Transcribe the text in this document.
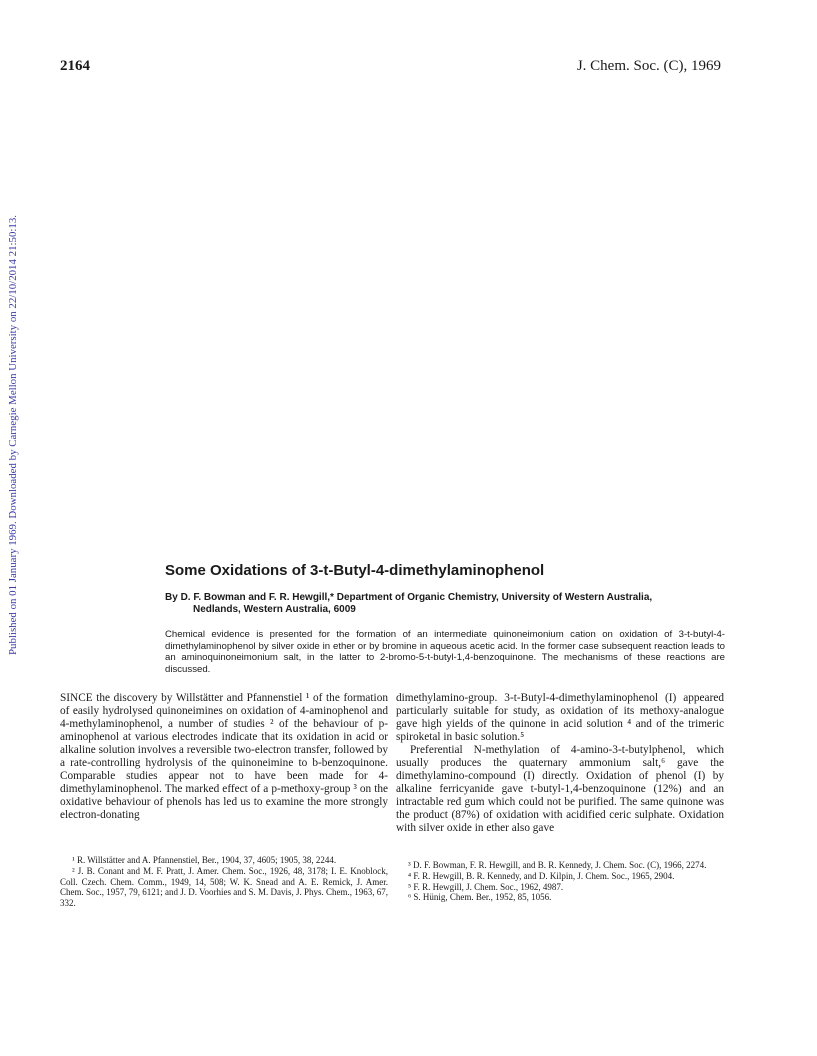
2164	J. Chem. Soc. (C), 1969
Published on 01 January 1969. Downloaded by Carnegie Mellon University on 22/10/2014 21:50:13.	Some Oxidations of 3-t-Butyl-4-dimethylaminophenol
By D. F. Bowman and F. R. Hewgill,* Department of Organic Chemistry, University of Western Australia,
Nedlands, Western Australia, 6009
Chemical evidence is presented for the formation of an intermediate quinoneimonium cation on oxidation of 3-t-butyl-4-dimethylaminophenol by silver oxide in ether or by bromine in aqueous acetic acid. In the former case subsequent reaction leads to an aminoquinoneimonium salt, in the latter to 2-bromo-5-t-butyl-1,4-benzoquinone. The mechanisms of these reactions are discussed.

SINCE the discovery by Willstätter and Pfannenstiel ¹ of the formation of easily hydrolysed quinoneimines on oxidation of 4-aminophenol and 4-methylaminophenol, a number of studies ² of the behaviour of p-aminophenol at various electrodes indicate that its oxidation in acid or alkaline solution involves a reversible two-electron transfer, followed by a rate-controlling hydrolysis of the quinoneimine to b-benzoquinone. Comparable studies appear not to have been made for 4-dimethylaminophenol. The marked effect of a p-methoxy-group ³ on the oxidative behaviour of phenols has led us to examine the more strongly electron-donating

dimethylamino-group. 3-t-Butyl-4-dimethylaminophenol (I) appeared particularly suitable for study, as oxidation of its methoxy-analogue gave high yields of the quinone in acid solution ⁴ and of the trimeric spiroketal in basic solution.⁵

Preferential N-methylation of 4-amino-3-t-butylphenol, which usually produces the quaternary ammonium salt,⁶ gave the dimethylamino-compound (I) directly. Oxidation of phenol (I) by alkaline ferricyanide gave t-butyl-1,4-benzoquinone (12%) and an intractable red gum which could not be purified. The same quinone was the product (87%) of oxidation with acidified ceric sulphate. Oxidation with silver oxide in ether also gave

¹ R. Willstätter and A. Pfannenstiel, Ber., 1904, 37, 4605; 1905, 38, 2244.
² J. B. Conant and M. F. Pratt, J. Amer. Chem. Soc., 1926, 48, 3178; I. E. Knoblock, Coll. Czech. Chem. Comm., 1949, 14, 508; W. K. Snead and A. E. Remick, J. Amer. Chem. Soc., 1957, 79, 6121; and J. D. Voorhies and S. M. Davis, J. Phys. Chem., 1963, 67, 332.
³ D. F. Bowman, F. R. Hewgill, and B. R. Kennedy, J. Chem. Soc. (C), 1966, 2274.
⁴ F. R. Hewgill, B. R. Kennedy, and D. Kilpin, J. Chem. Soc., 1965, 2904.
⁵ F. R. Hewgill, J. Chem. Soc., 1962, 4987.
⁶ S. Hünig, Chem. Ber., 1952, 85, 1056.
